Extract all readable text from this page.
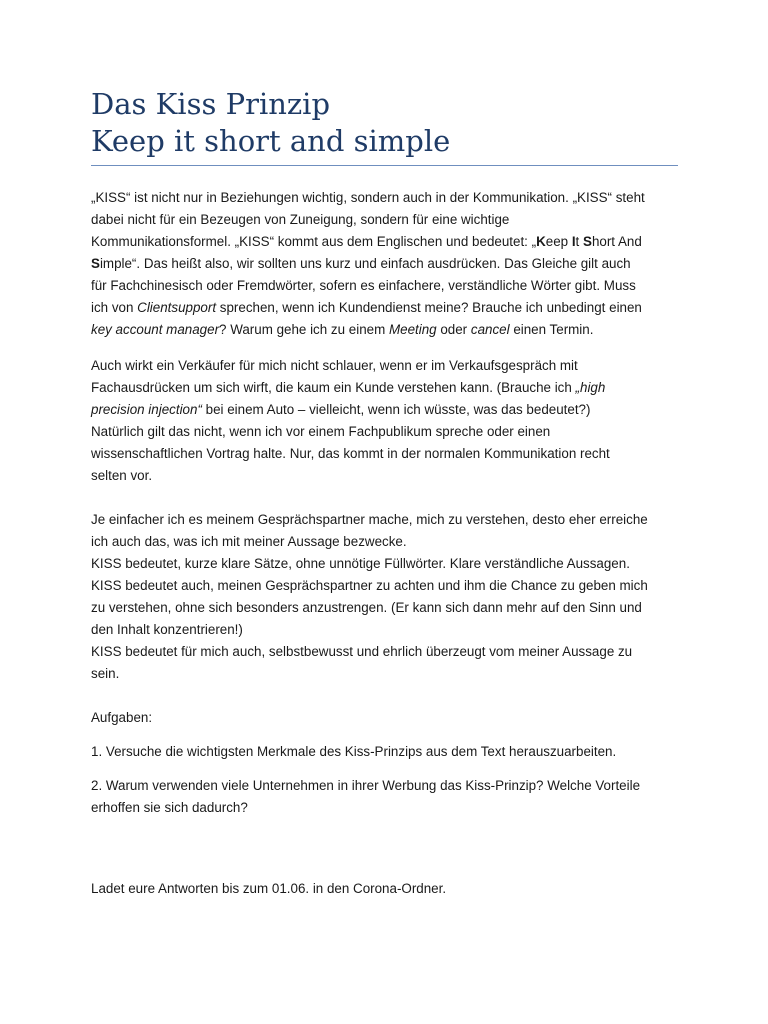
Das Kiss Prinzip
Keep it short and simple
„KISS“ ist nicht nur in Beziehungen wichtig, sondern auch in der Kommunikation. „KISS“ steht
dabei nicht für ein Bezeugen von Zuneigung, sondern für eine wichtige
Kommunikationsformel. „KISS“ kommt aus dem Englischen und bedeutet: „Keep It Short And
Simple“. Das heißt also, wir sollten uns kurz und einfach ausdrücken. Das Gleiche gilt auch
für Fachchinesisch oder Fremdwörter, sofern es einfachere, verständliche Wörter gibt. Muss
ich von Clientsupport sprechen, wenn ich Kundendienst meine? Brauche ich unbedingt einen
key account manager? Warum gehe ich zu einem Meeting oder cancel einen Termin.
Auch wirkt ein Verkäufer für mich nicht schlauer, wenn er im Verkaufsgespräch mit
Fachausdrücken um sich wirft, die kaum ein Kunde verstehen kann. (Brauche ich „high
precision injection“ bei einem Auto – vielleicht, wenn ich wüsste, was das bedeutet?)
Natürlich gilt das nicht, wenn ich vor einem Fachpublikum spreche oder einen
wissenschaftlichen Vortrag halte. Nur, das kommt in der normalen Kommunikation recht
selten vor.
Je einfacher ich es meinem Gesprächspartner mache, mich zu verstehen, desto eher erreiche
ich auch das, was ich mit meiner Aussage bezwecke.
KISS bedeutet, kurze klare Sätze, ohne unnötige Füllwörter. Klare verständliche Aussagen.
KISS bedeutet auch, meinen Gesprächspartner zu achten und ihm die Chance zu geben mich
zu verstehen, ohne sich besonders anzustrengen. (Er kann sich dann mehr auf den Sinn und
den Inhalt konzentrieren!)
KISS bedeutet für mich auch, selbstbewusst und ehrlich überzeugt vom meiner Aussage zu
sein.
Aufgaben:
1. Versuche die wichtigsten Merkmale des Kiss-Prinzips aus dem Text herauszuarbeiten.
2. Warum verwenden viele Unternehmen in ihrer Werbung das Kiss-Prinzip? Welche Vorteile
erhoffen sie sich dadurch?
Ladet eure Antworten bis zum 01.06. in den Corona-Ordner.
